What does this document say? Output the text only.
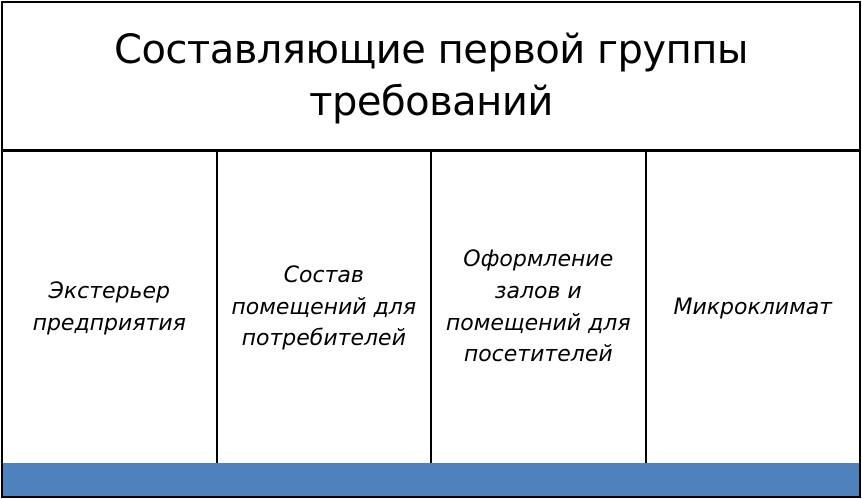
Составляющие первой группы требований
Экстерьер предприятия
Состав помещений для потребителей
Оформление залов и помещений для посетителей
Микроклимат
